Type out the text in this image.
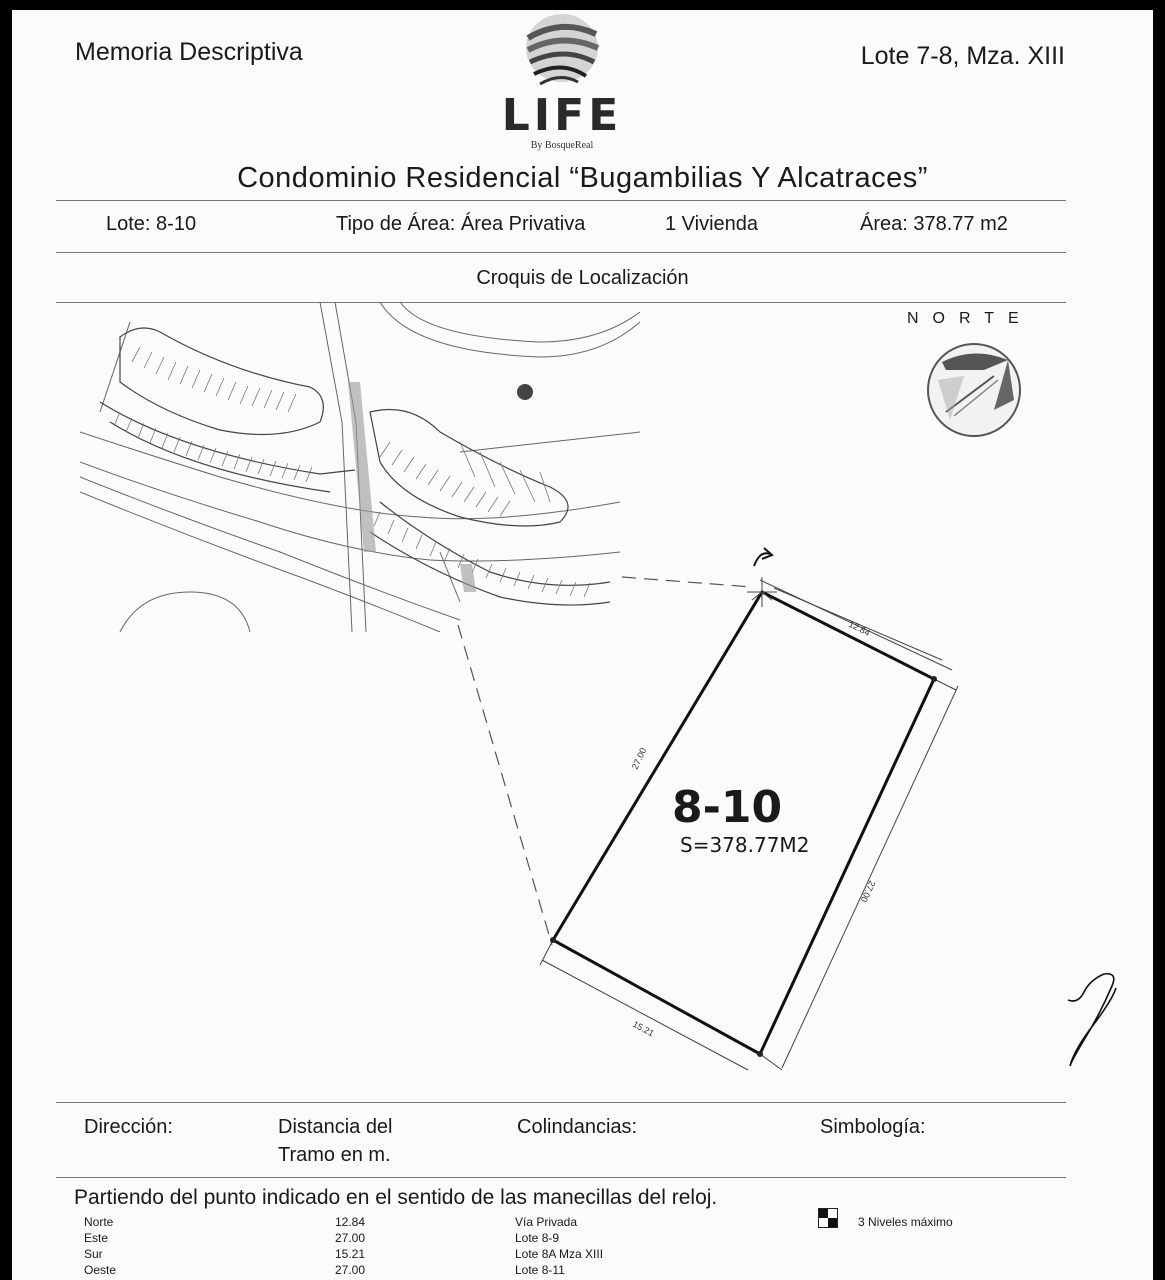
Memoria Descriptiva	Lote 7-8, Mza. XIII
LIFE
By BosqueReal
Condominio Residencial “Bugambilias Y Alcatraces”
Lote: 8-10	Tipo de Área: Área Privativa	1 Vivienda	Área: 378.77 m2
Croquis de Localización
NORTE
12.84
27.00
27.00
15.21
8-10
S=378.77M2
Dirección:	Distancia del
Tramo en m.
Colindancias:	Simbología:
Partiendo del punto indicado en el sentido de las manecillas del reloj.
Norte	12.84	Vía Privada
Este	27.00	Lote 8-9
Sur	15.21	Lote 8A Mza XIII
Oeste	27.00	Lote 8-11
3 Niveles máximo
